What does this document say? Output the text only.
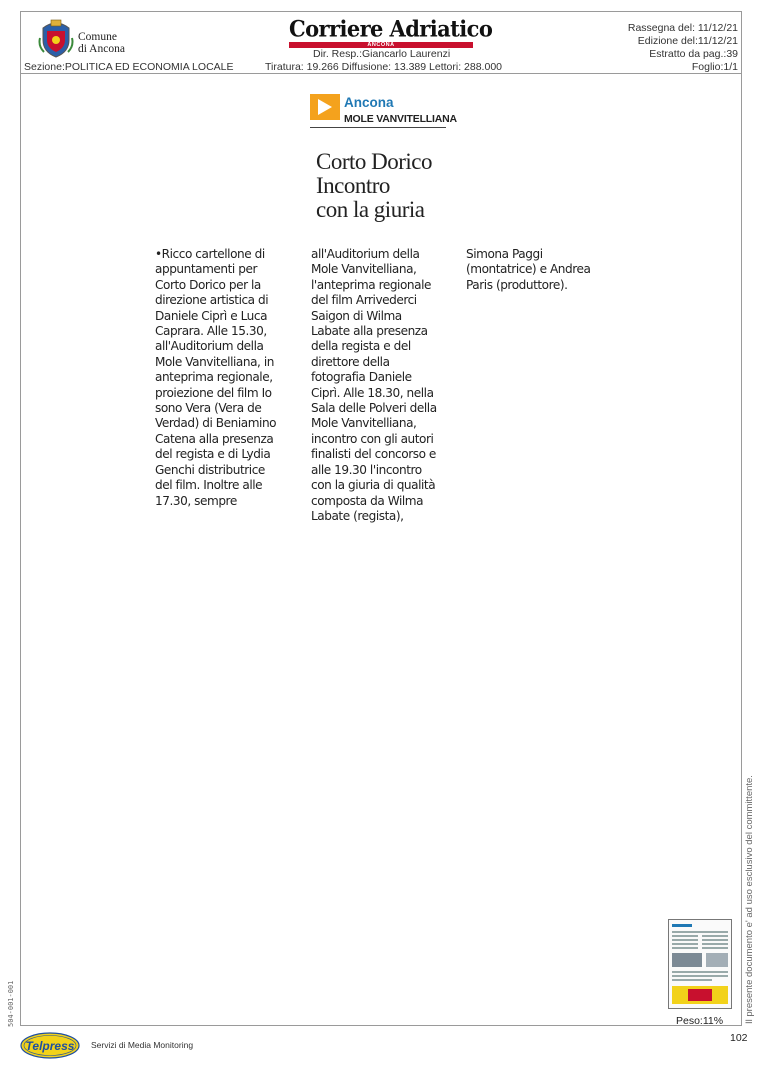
Comune
di Ancona
Sezione:POLITICA ED ECONOMIA LOCALE
Corriere Adriatico
ANCONA
Dir. Resp.:Giancarlo Laurenzi
Tiratura: 19.266 Diffusione: 13.389 Lettori: 288.000
Rassegna del: 11/12/21
Edizione del:11/12/21
Estratto da pag.:39
Foglio:1/1
Ancona
MOLE VANVITELLIANA
Corto Dorico
Incontro
con la giuria
•Ricco cartellone di
appuntamenti per
Corto Dorico per la
direzione artistica di
Daniele Ciprì e Luca
Caprara. Alle 15.30,
all'Auditorium della
Mole Vanvitelliana, in
anteprima regionale,
proiezione del film Io
sono Vera (Vera de
Verdad) di Beniamino
Catena alla presenza
del regista e di Lydia
Genchi distributrice
del film. Inoltre alle
17.30, sempre
all'Auditorium della
Mole Vanvitelliana,
l'anteprima regionale
del film Arrivederci
Saigon di Wilma
Labate alla presenza
della regista e del
direttore della
fotografia Daniele
Ciprì. Alle 18.30, nella
Sala delle Polveri della
Mole Vanvitelliana,
incontro con gli autori
finalisti del concorso e
alle 19.30 l'incontro
con la giuria di qualità
composta da Wilma
Labate (regista),
Simona Paggi
(montatrice) e Andrea
Paris (produttore).
Il presente documento e' ad uso esclusivo del committente.
504-001-001	Peso:11%
102
Telpress Servizi di Media Monitoring
